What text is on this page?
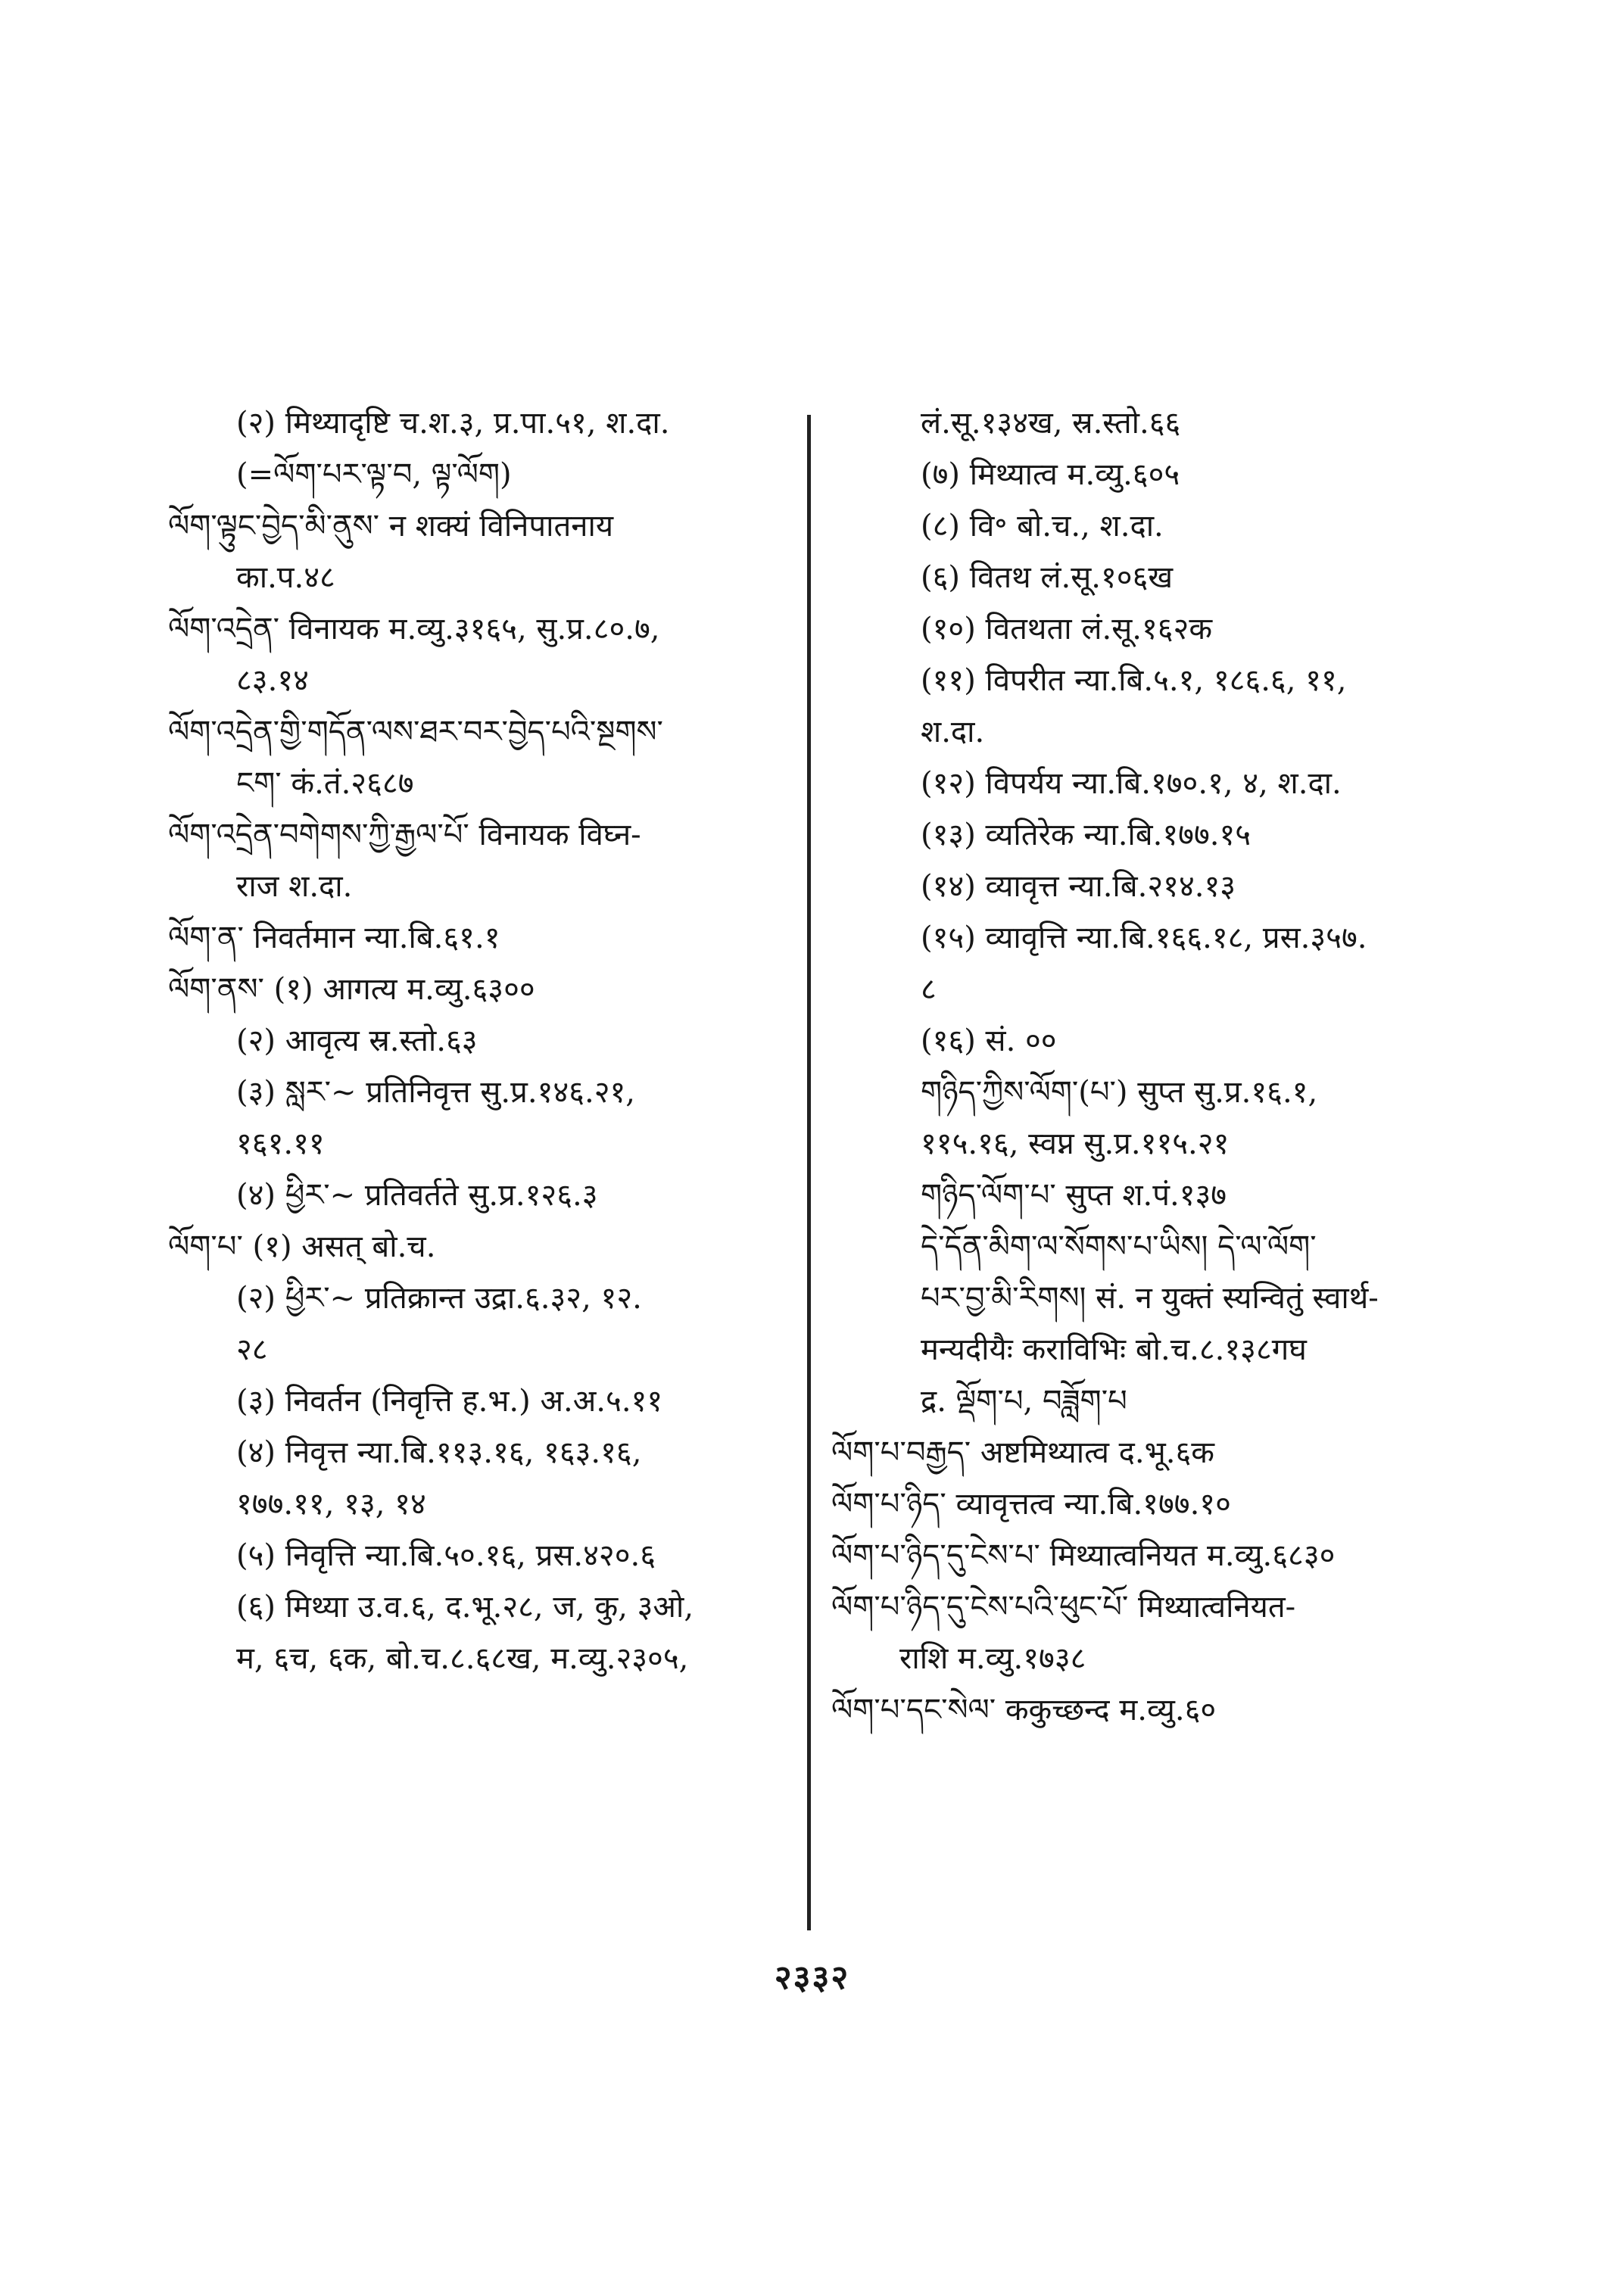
(२) मिथ्यादृष्टि च.श.३, प्र.पा.५१, श.दा.
(=ལོག་པར་ལྟ་བ, ལྟ་ལོག)
ལོག་ལྟུང་བྱེད་མི་ནུས་ न शक्यं विनिपातनाय
का.प.४८
ལོག་འདྲེན་ विनायक म.व्यु.३१६५, सु.प्र.८०.७,
८३.१४
ལོག་འདྲེན་གྱི་གདོན་ལས་ཐར་བར་བྱེད་པའི་སྔགས་
ངག་ कं.तं.२६८७
ལོག་འདྲེན་བགེགས་ཀྱི་རྒྱལ་པོ་ विनायक विघ्न-
राज श.दा.
ལོག་ན་ निवर्तमान न्या.बि.६१.१
ལོག་ནས་ (१) आगत्य म.व्यु.६३००
(२) आवृत्य स्र.स्तो.६३
(३) སླར་~ प्रतिनिवृत्त सु.प्र.१४६.२१,
१६१.११
(४) ཕྱིར་~ प्रतिवर्तते सु.प्र.१२६.३
ལོག་པ་ (१) असत् बो.च.
(२) ཕྱིར་~ प्रतिक्रान्त उद्रा.६.३२, १२.
२८
(३) निवर्तन (निवृत्ति ह.भ.) अ.अ.५.११
(४) निवृत्त न्या.बि.११३.१६, १६३.१६,
१७७.११, १३, १४
(५) निवृत्ति न्या.बि.५०.१६, प्रस.४२०.६
(६) मिथ्या उ.व.६, द.भू.२८, ज, कु, ३ओ,
म, ६च, ६क, बो.च.८.६८ख, म.व्यु.२३०५,
लं.सू.१३४ख, स्र.स्तो.६६
(७) मिथ्यात्व म.व्यु.६०५
(८) वि॰ बो.च., श.दा.
(६) वितथ लं.सू.१०६ख
(१०) वितथता लं.सू.१६२क
(११) विपरीत न्या.बि.५.१, १८६.६, ११,
श.दा.
(१२) विपर्यय न्या.बि.१७०.१, ४, श.दा.
(१३) व्यतिरेक न्या.बि.१७७.१५
(१४) व्यावृत्त न्या.बि.२१४.१३
(१५) व्यावृत्ति न्या.बि.१६६.१८, प्रस.३५७.
८
(१६) सं. ००
གཉིད་ཀྱིས་ལོག་(པ་) सुप्त सु.प्र.१६.१,
११५.१६, स्वप्न सु.प्र.११५.२१
གཉིད་ལོག་པ་ सुप्त श.पं.१३७
དེ་དོན་མིག་ལ་སོགས་པ་ཡིས། དེ་ལ་ལོག་
པར་བྱ་མི་རིགས། सं. न युक्तं स्यन्वितुं स्वार्थ-
मन्यदीयैः कराविभिः बो.च.८.१३८गघ
द्र. ལྡོག་པ, བཟློག་པ
ལོག་པ་བརྒྱད་ अष्टमिथ्यात्व द.भू.६क
ལོག་པ་ཉིད་ व्यावृत्तत्व न्या.बि.१७७.१०
ལོག་པ་ཉིད་དུ་ངེས་པ་ मिथ्यात्वनियत म.व्यु.६८३०
ལོག་པ་ཉིད་དུ་ངེས་པའི་ཕུང་པོ་ मिथ्यात्वनियत-
राशि म.व्यु.१७३८
ལོག་པ་དང་སེལ་ ककुच्छन्द म.व्यु.६०
२३३२
